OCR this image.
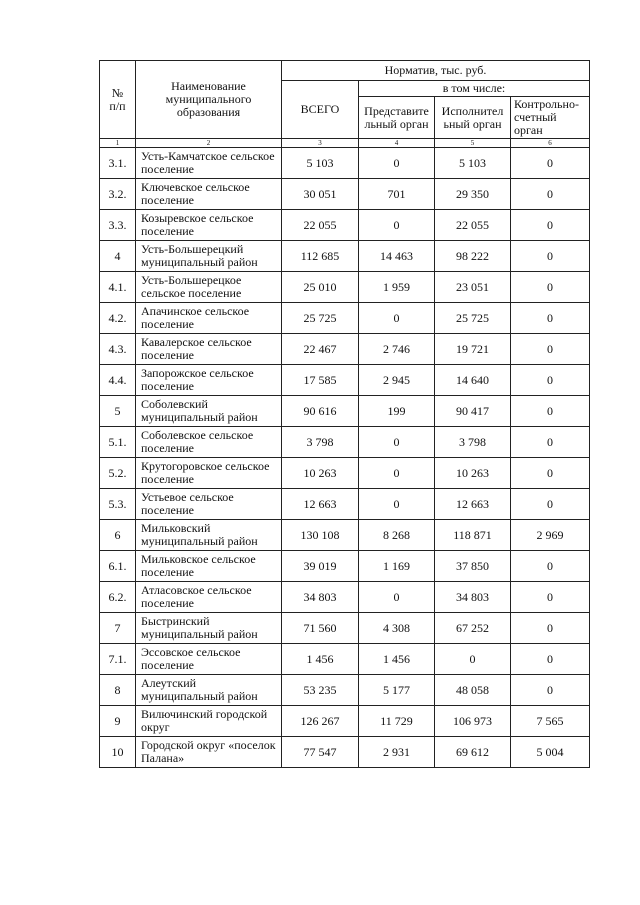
№
п/п	Наименование муниципального образования	Норматив, тыс. руб.			
		ВСЕГО	в том числе:		
			Представите льный орган	Исполнител ьный орган	Контрольно-счетный орган
1	2	3	4	5	6
3.1.	Усть-Камчатское сельское поселение	5 103	0	5 103	0
3.2.	Ключевское сельское поселение	30 051	701	29 350	0
3.3.	Козыревское сельское поселение	22 055	0	22 055	0
4	Усть-Большерецкий муниципальный район	112 685	14 463	98 222	0
4.1.	Усть-Большерецкое сельское поселение	25 010	1 959	23 051	0
4.2.	Апачинское сельское поселение	25 725	0	25 725	0
4.3.	Кавалерское сельское поселение	22 467	2 746	19 721	0
4.4.	Запорожское сельское поселение	17 585	2 945	14 640	0
5	Соболевский муниципальный район	90 616	199	90 417	0
5.1.	Соболевское сельское поселение	3 798	0	3 798	0
5.2.	Крутогоровское сельское поселение	10 263	0	10 263	0
5.3.	Устьевое сельское поселение	12 663	0	12 663	0
6	Мильковский муниципальный район	130 108	8 268	118 871	2 969
6.1.	Мильковское сельское поселение	39 019	1 169	37 850	0
6.2.	Атласовское сельское поселение	34 803	0	34 803	0
7	Быстринский муниципальный район	71 560	4 308	67 252	0
7.1.	Эссовское сельское поселение	1 456	1 456	0	0
8	Алеутский муниципальный район	53 235	5 177	48 058	0
9	Вилючинский городской округ	126 267	11 729	106 973	7 565
10	Городской округ «поселок Палана»	77 547	2 931	69 612	5 004
